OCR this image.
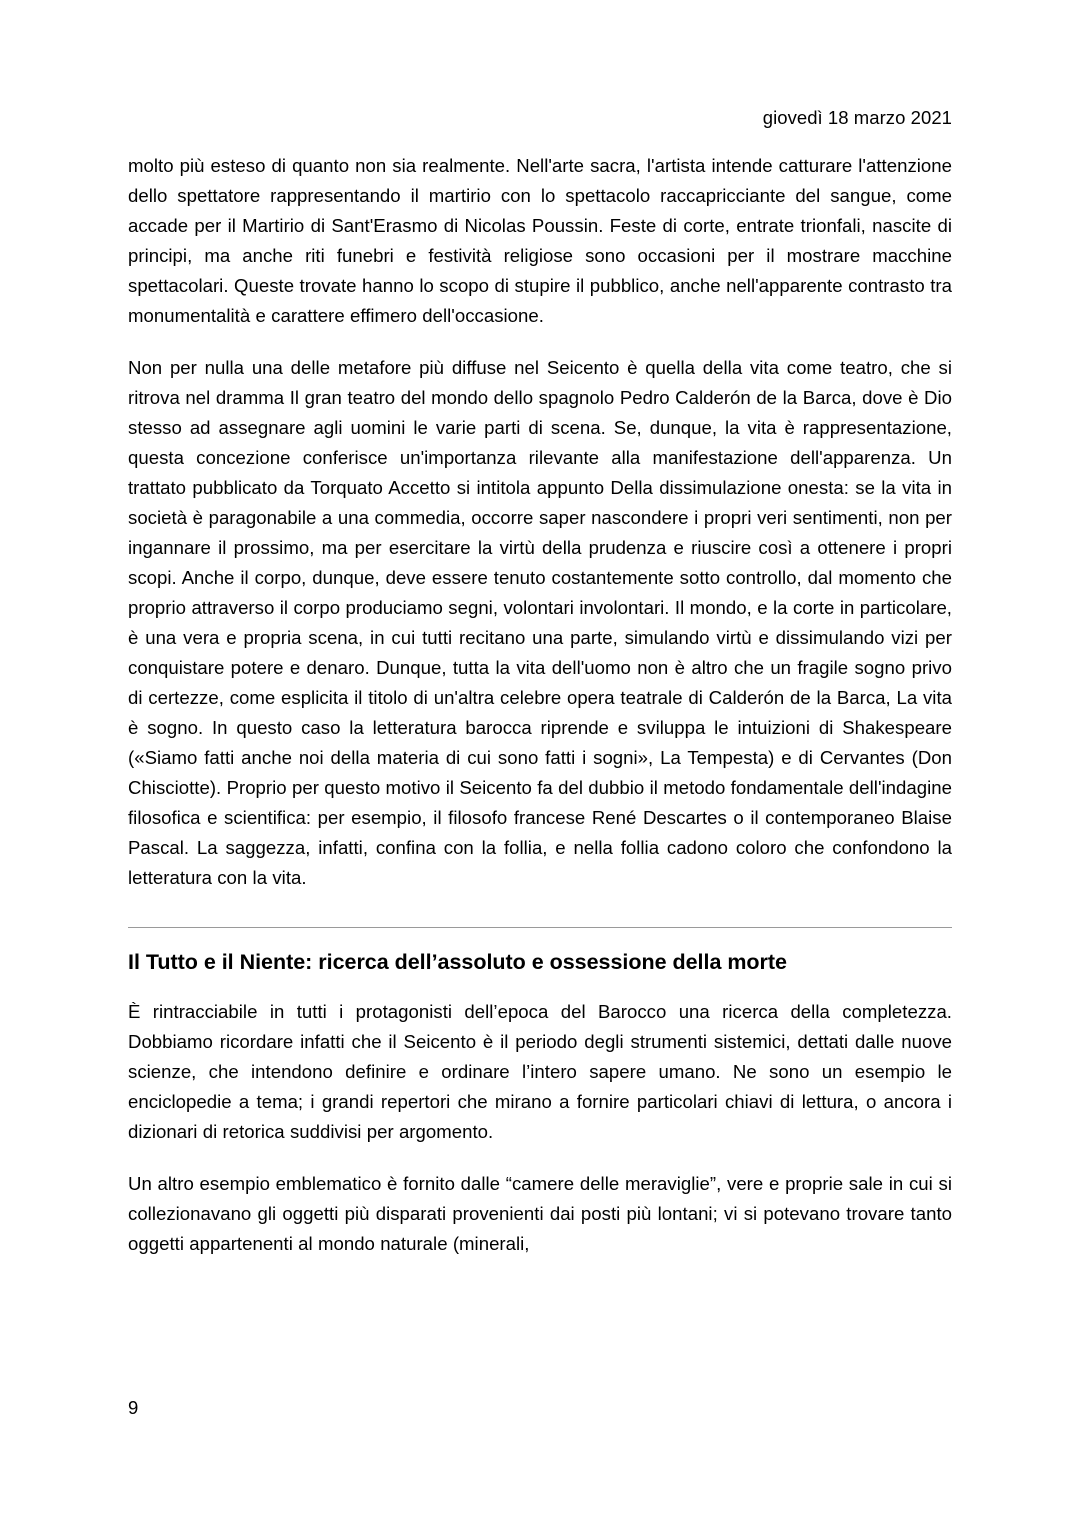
giovedì 18 marzo 2021

molto più esteso di quanto non sia realmente. Nell'arte sacra, l'artista intende catturare l'attenzione dello spettatore rappresentando il martirio con lo spettacolo raccapricciante del sangue, come accade per il Martirio di Sant'Erasmo di Nicolas Poussin. Feste di corte, entrate trionfali, nascite di principi, ma anche riti funebri e festività religiose sono occasioni per il mostrare macchine spettacolari. Queste trovate hanno lo scopo di stupire il pubblico, anche nell'apparente contrasto tra monumentalità e carattere effimero dell'occasione.

Non per nulla una delle metafore più diffuse nel Seicento è quella della vita come teatro, che si ritrova nel dramma Il gran teatro del mondo dello spagnolo Pedro Calderón de la Barca, dove è Dio stesso ad assegnare agli uomini le varie parti di scena. Se, dunque, la vita è rappresentazione, questa concezione conferisce un'importanza rilevante alla manifestazione dell'apparenza. Un trattato pubblicato da Torquato Accetto si intitola appunto Della dissimulazione onesta: se la vita in società è paragonabile a una commedia, occorre saper nascondere i propri veri sentimenti, non per ingannare il prossimo, ma per esercitare la virtù della prudenza e riuscire così a ottenere i propri scopi. Anche il corpo, dunque, deve essere tenuto costantemente sotto controllo, dal momento che proprio attraverso il corpo produciamo segni, volontari involontari. Il mondo, e la corte in particolare, è una vera e propria scena, in cui tutti recitano una parte, simulando virtù e dissimulando vizi per conquistare potere e denaro. Dunque, tutta la vita dell'uomo non è altro che un fragile sogno privo di certezze, come esplicita il titolo di un'altra celebre opera teatrale di Calderón de la Barca, La vita è sogno. In questo caso la letteratura barocca riprende e sviluppa le intuizioni di Shakespeare («Siamo fatti anche noi della materia di cui sono fatti i sogni», La Tempesta) e di Cervantes (Don Chisciotte). Proprio per questo motivo il Seicento fa del dubbio il metodo fondamentale dell'indagine filosofica e scientifica: per esempio, il filosofo francese René Descartes o il contemporaneo Blaise Pascal. La saggezza, infatti, confina con la follia, e nella follia cadono coloro che confondono la letteratura con la vita.

Il Tutto e il Niente: ricerca dell’assoluto e ossessione della morte

È rintracciabile in tutti i protagonisti dell’epoca del Barocco una ricerca della completezza. Dobbiamo ricordare infatti che il Seicento è il periodo degli strumenti sistemici, dettati dalle nuove scienze, che intendono definire e ordinare l’intero sapere umano. Ne sono un esempio le enciclopedie a tema; i grandi repertori che mirano a fornire particolari chiavi di lettura, o ancora i dizionari di retorica suddivisi per argomento.

Un altro esempio emblematico è fornito dalle “camere delle meraviglie”, vere e proprie sale in cui si collezionavano gli oggetti più disparati provenienti dai posti più lontani; vi si potevano trovare tanto oggetti appartenenti al mondo naturale (minerali,

9
